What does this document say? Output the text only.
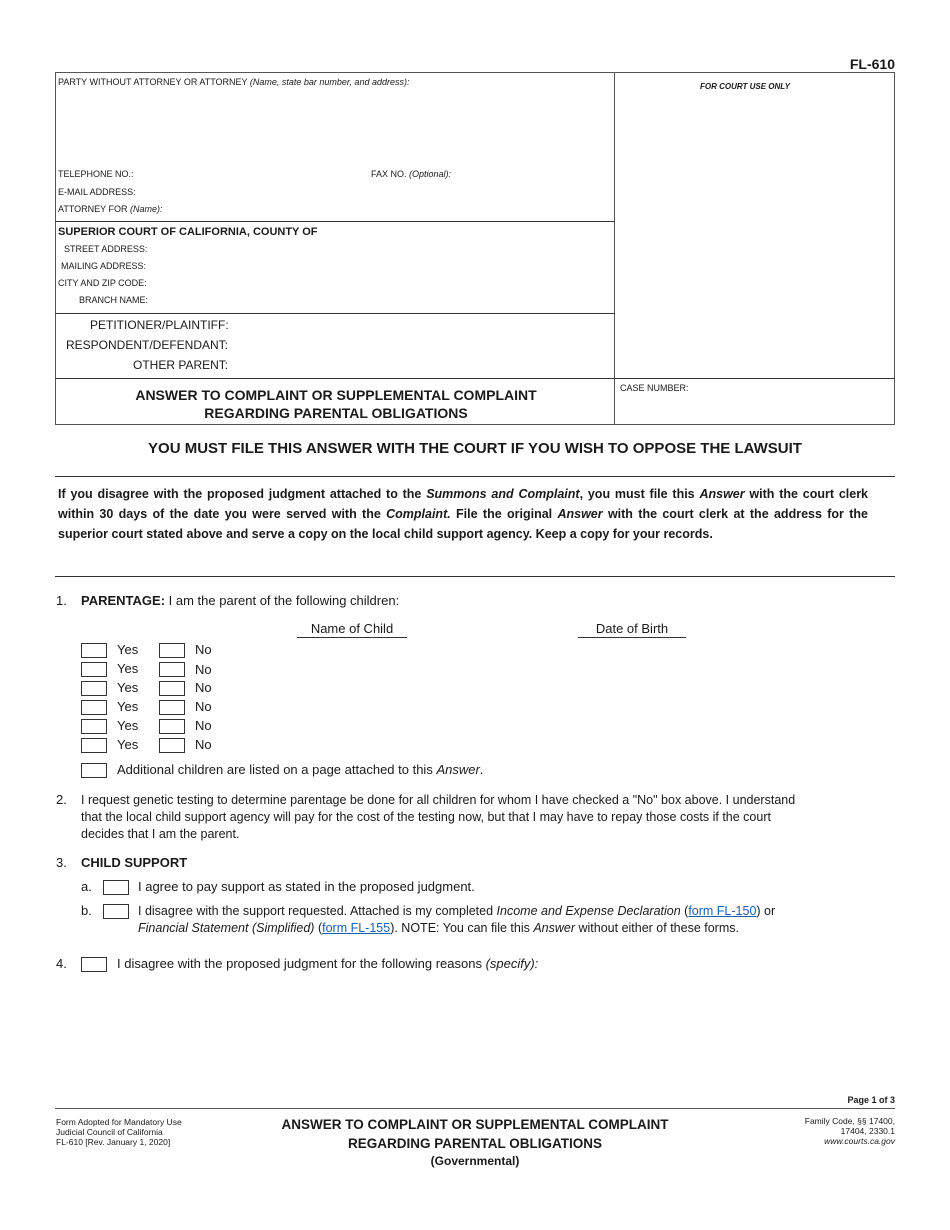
FL-610
PARTY WITHOUT ATTORNEY OR ATTORNEY (Name, state bar number, and address):	FOR COURT USE ONLY
TELEPHONE NO.:	FAX NO. (Optional):
E-MAIL ADDRESS:
ATTORNEY FOR (Name):
SUPERIOR COURT OF CALIFORNIA, COUNTY OF
STREET ADDRESS:
MAILING ADDRESS:
CITY AND ZIP CODE:
BRANCH NAME:
PETITIONER/PLAINTIFF:
RESPONDENT/DEFENDANT:
OTHER PARENT:
ANSWER TO COMPLAINT OR SUPPLEMENTAL COMPLAINT
REGARDING PARENTAL OBLIGATIONS
CASE NUMBER:
YOU MUST FILE THIS ANSWER WITH THE COURT IF YOU WISH TO OPPOSE THE LAWSUIT
If you disagree with the proposed judgment attached to the Summons and Complaint, you must file this Answer with the court clerk within 30 days of the date you were served with the Complaint. File the original Answer with the court clerk at the address for the superior court stated above and serve a copy on the local child support agency. Keep a copy for your records.
1. PARENTAGE: I am the parent of the following children:
Name of Child	Date of Birth
Yes	No
Yes	No
Yes	No
Yes	No
Yes	No
Yes	No
Additional children are listed on a page attached to this Answer.
2. I request genetic testing to determine parentage be done for all children for whom I have checked a "No" box above. I understand
that the local child support agency will pay for the cost of the testing now, but that I may have to repay those costs if the court
decides that I am the parent.
3. CHILD SUPPORT
a.	I agree to pay support as stated in the proposed judgment.
b.	I disagree with the support requested. Attached is my completed Income and Expense Declaration (form FL-150) or
Financial Statement (Simplified) (form FL-155). NOTE: You can file this Answer without either of these forms.
4.	I disagree with the proposed judgment for the following reasons (specify):
Page 1 of 3
Form Adopted for Mandatory Use
Judicial Council of California
FL-610 [Rev. January 1, 2020]
ANSWER TO COMPLAINT OR SUPPLEMENTAL COMPLAINT
REGARDING PARENTAL OBLIGATIONS
(Governmental)
Family Code, §§ 17400,
17404, 2330.1
www.courts.ca.gov
